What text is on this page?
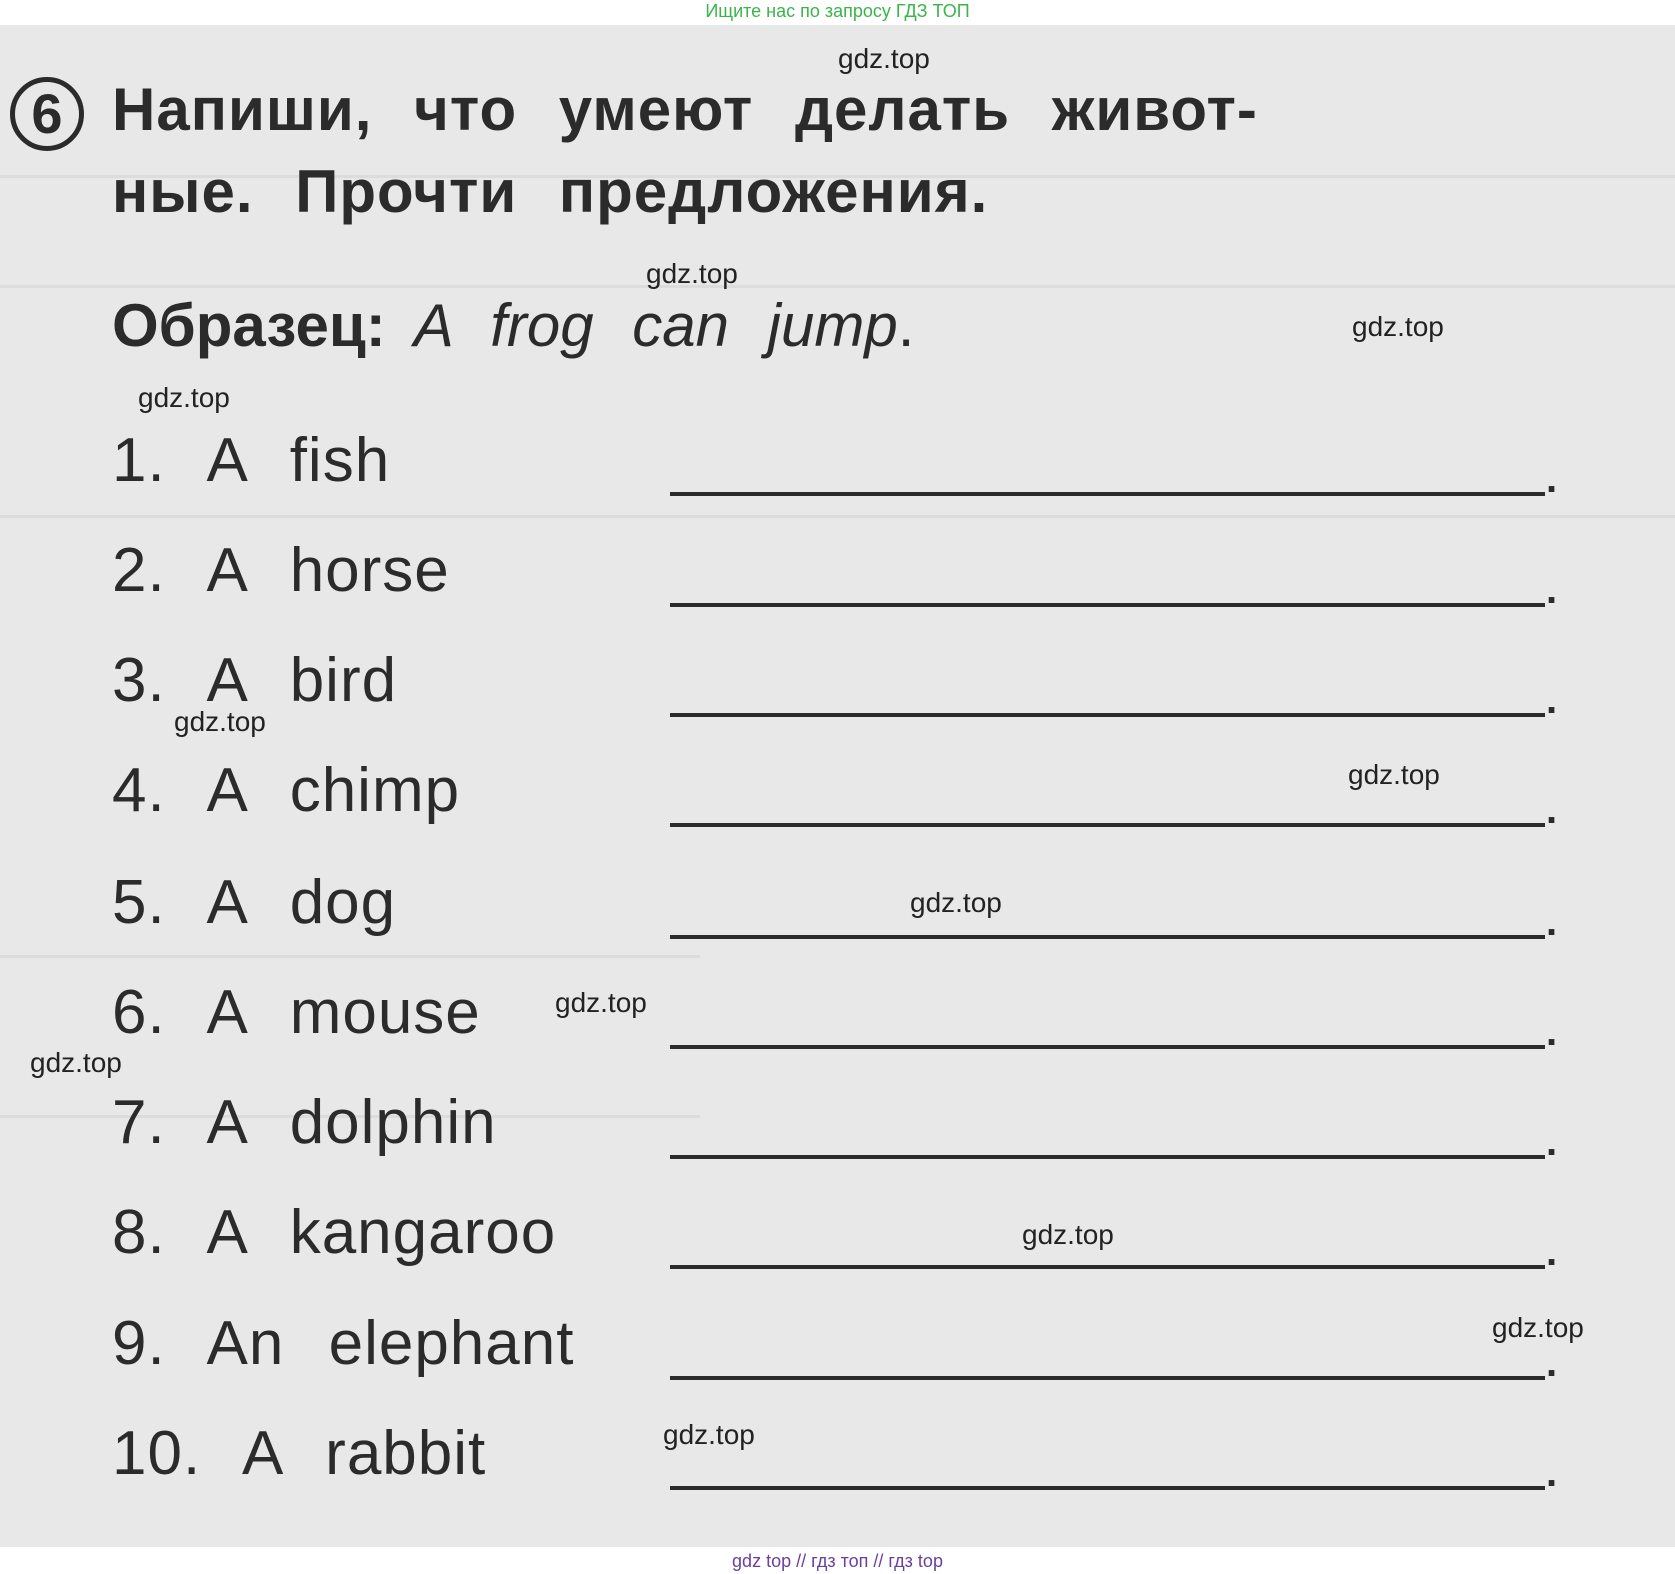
Ищите нас по запросу ГДЗ ТОП
6 Напиши, что умеют делать живот-
ные. Прочти предложения.
Образец: A frog can jump.
1. A fish	.
2. A horse	.
3. A bird	.
4. A chimp	.
5. A dog	.
6. A mouse	.
7. A dolphin	.
8. A kangaroo	.
9. An elephant	.
10. A rabbit	.
gdz.top
gdz.top
gdz.top
gdz.top
gdz.top
gdz.top
gdz.top
gdz.top
gdz.top
gdz.top
gdz.top
gdz.top
gdz top // гдз топ // гдз top
